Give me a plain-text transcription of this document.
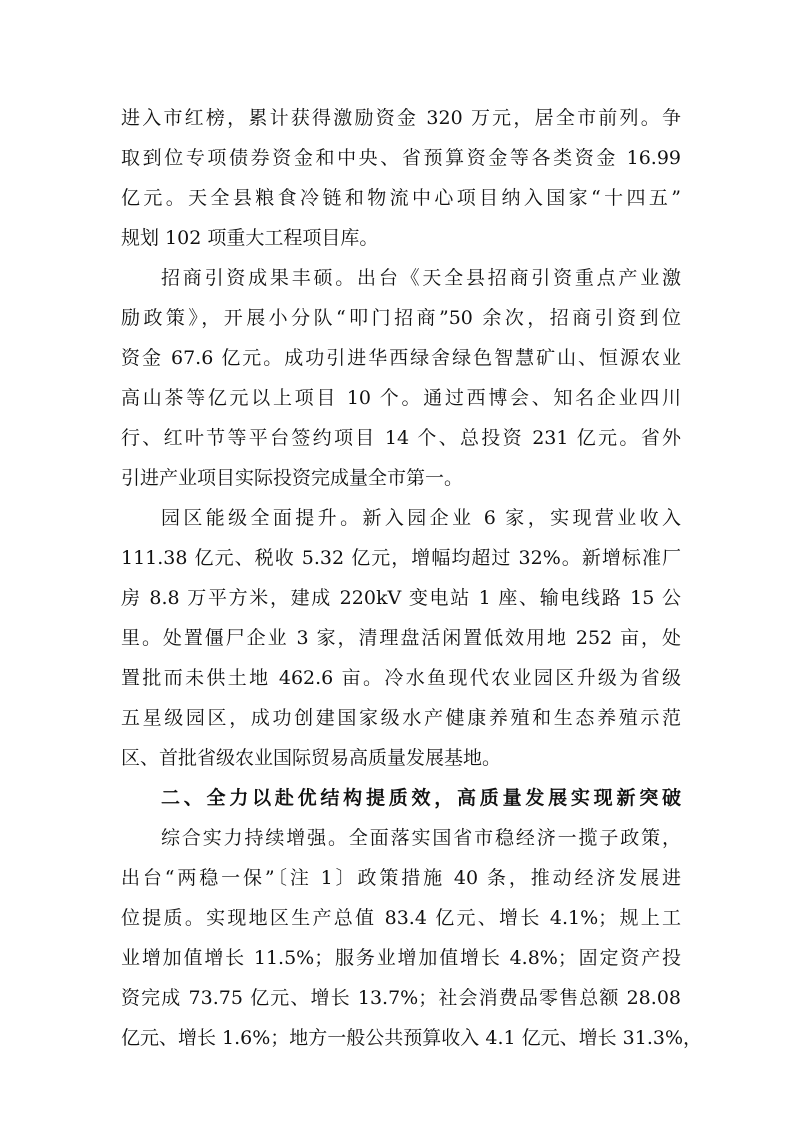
进入市红榜，累计获得激励资金 320 万元，居全市前列。争
取到位专项债券资金和中央、省预算资金等各类资金 16.99
亿元。天全县粮食冷链和物流中心项目纳入国家“十四五”
规划 102 项重大工程项目库。
招商引资成果丰硕。出台《天全县招商引资重点产业激
励政策》，开展小分队“叩门招商”50 余次，招商引资到位
资金 67.6 亿元。成功引进华西绿舍绿色智慧矿山、恒源农业
高山茶等亿元以上项目 10 个。通过西博会、知名企业四川
行、红叶节等平台签约项目 14 个、总投资 231 亿元。省外
引进产业项目实际投资完成量全市第一。
园区能级全面提升。新入园企业 6 家，实现营业收入
111.38 亿元、税收 5.32 亿元，增幅均超过 32%。新增标准厂
房 8.8 万平方米，建成 220kV 变电站 1 座、输电线路 15 公
里。处置僵尸企业 3 家，清理盘活闲置低效用地 252 亩，处
置批而未供土地 462.6 亩。冷水鱼现代农业园区升级为省级
五星级园区，成功创建国家级水产健康养殖和生态养殖示范
区、首批省级农业国际贸易高质量发展基地。
二、全力以赴优结构提质效，高质量发展实现新突破
综合实力持续增强。全面落实国省市稳经济一揽子政策，
出台“两稳一保”〔注 1〕政策措施 40 条，推动经济发展进
位提质。实现地区生产总值 83.4 亿元、增长 4.1%；规上工
业增加值增长 11.5%；服务业增加值增长 4.8%；固定资产投
资完成 73.75 亿元、增长 13.7%；社会消费品零售总额 28.08
亿元、增长 1.6%；地方一般公共预算收入 4.1 亿元、增长 31.3%，
